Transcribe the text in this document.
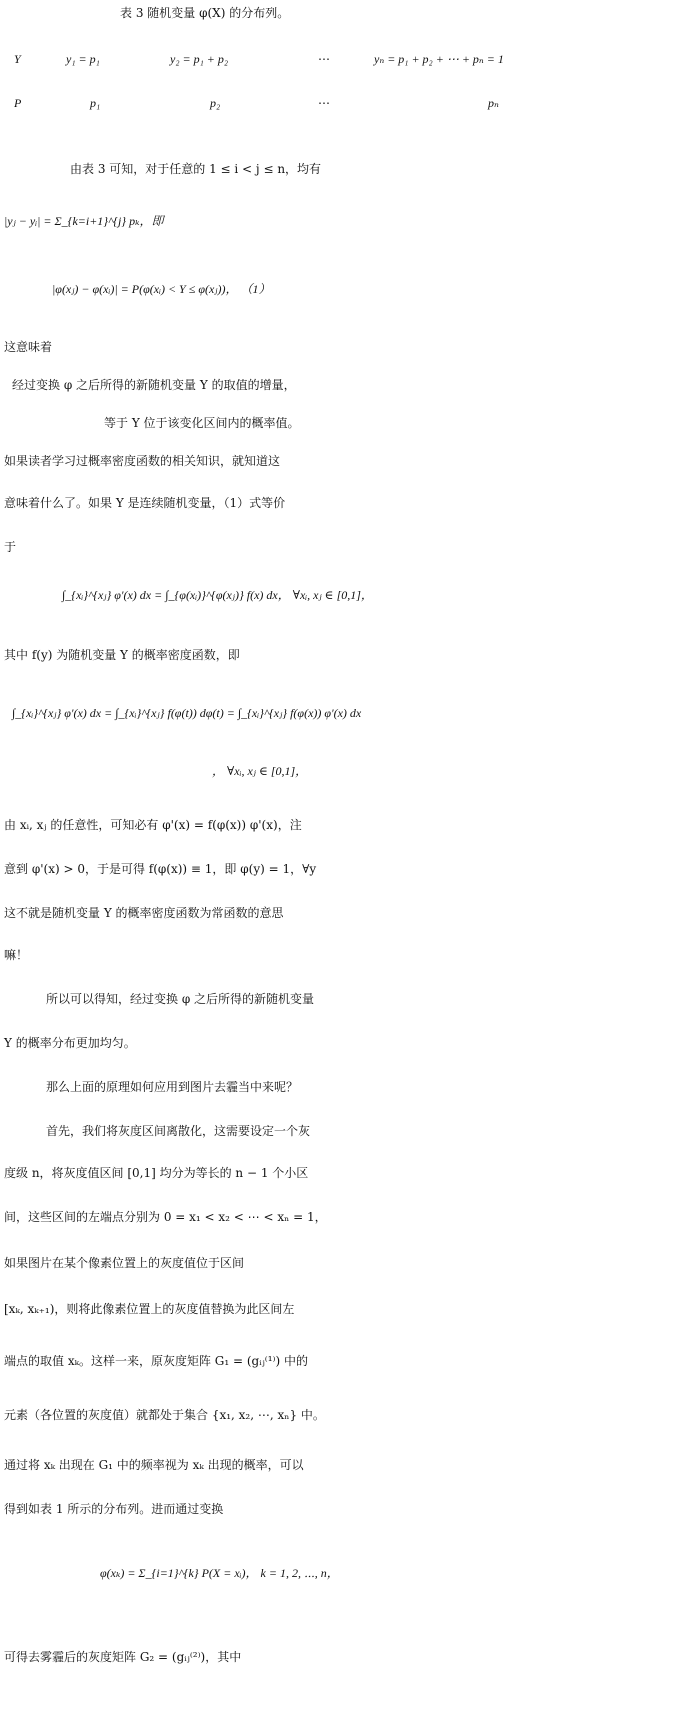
表 3 随机变量 φ(X) 的分布列。
Y	y₁ = p₁	y₂ = p₁ + p₂	⋯	yₙ = p₁ + p₂ + ⋯ + pₙ = 1
P	p₁	p₂	⋯	pₙ
由表 3 可知，对于任意的 1 ≤ i < j ≤ n，均有
|yⱼ − yᵢ| = Σ_{k=i+1}^{j} pₖ，即
|φ(xⱼ) − φ(xᵢ)| = P(φ(xᵢ) < Y ≤ φ(xⱼ))， （1）
这意味着
经过变换 φ 之后所得的新随机变量 Y 的取值的增量，
等于 Y 位于该变化区间内的概率值。
如果读者学习过概率密度函数的相关知识，就知道这
意味着什么了。如果 Y 是连续随机变量，（1）式等价
于
∫_{xᵢ}^{xⱼ} φ'(x) dx = ∫_{φ(xᵢ)}^{φ(xⱼ)} f(x) dx， ∀xᵢ, xⱼ ∈ [0,1]，
其中 f(y) 为随机变量 Y 的概率密度函数，即
∫_{xᵢ}^{xⱼ} φ'(x) dx = ∫_{xᵢ}^{xⱼ} f(φ(t)) dφ(t) = ∫_{xᵢ}^{xⱼ} f(φ(x)) φ'(x) dx
， ∀xᵢ, xⱼ ∈ [0,1]，
由 xᵢ, xⱼ 的任意性，可知必有 φ'(x) = f(φ(x)) φ'(x)，注
意到 φ'(x) > 0，于是可得 f(φ(x)) ≡ 1，即 φ(y) = 1，∀y
这不就是随机变量 Y 的概率密度函数为常函数的意思
嘛！
所以可以得知，经过变换 φ 之后所得的新随机变量
Y 的概率分布更加均匀。
那么上面的原理如何应用到图片去霾当中来呢？
首先，我们将灰度区间离散化，这需要设定一个灰
度级 n，将灰度值区间 [0,1] 均分为等长的 n − 1 个小区
间，这些区间的左端点分别为 0 = x₁ < x₂ < ⋯ < xₙ = 1，
如果图片在某个像素位置上的灰度值位于区间
[xₖ, xₖ₊₁)，则将此像素位置上的灰度值替换为此区间左
端点的取值 xₖ。这样一来，原灰度矩阵 G₁ = (gᵢⱼ⁽¹⁾) 中的
元素（各位置的灰度值）就都处于集合 {x₁, x₂, ⋯, xₙ} 中。
通过将 xₖ 出现在 G₁ 中的频率视为 xₖ 出现的概率，可以
得到如表 1 所示的分布列。进而通过变换
φ(xₖ) = Σ_{i=1}^{k} P(X = xᵢ)， k = 1, 2, ⋯, n，
可得去雾霾后的灰度矩阵 G₂ = (gᵢⱼ⁽²⁾)，其中
